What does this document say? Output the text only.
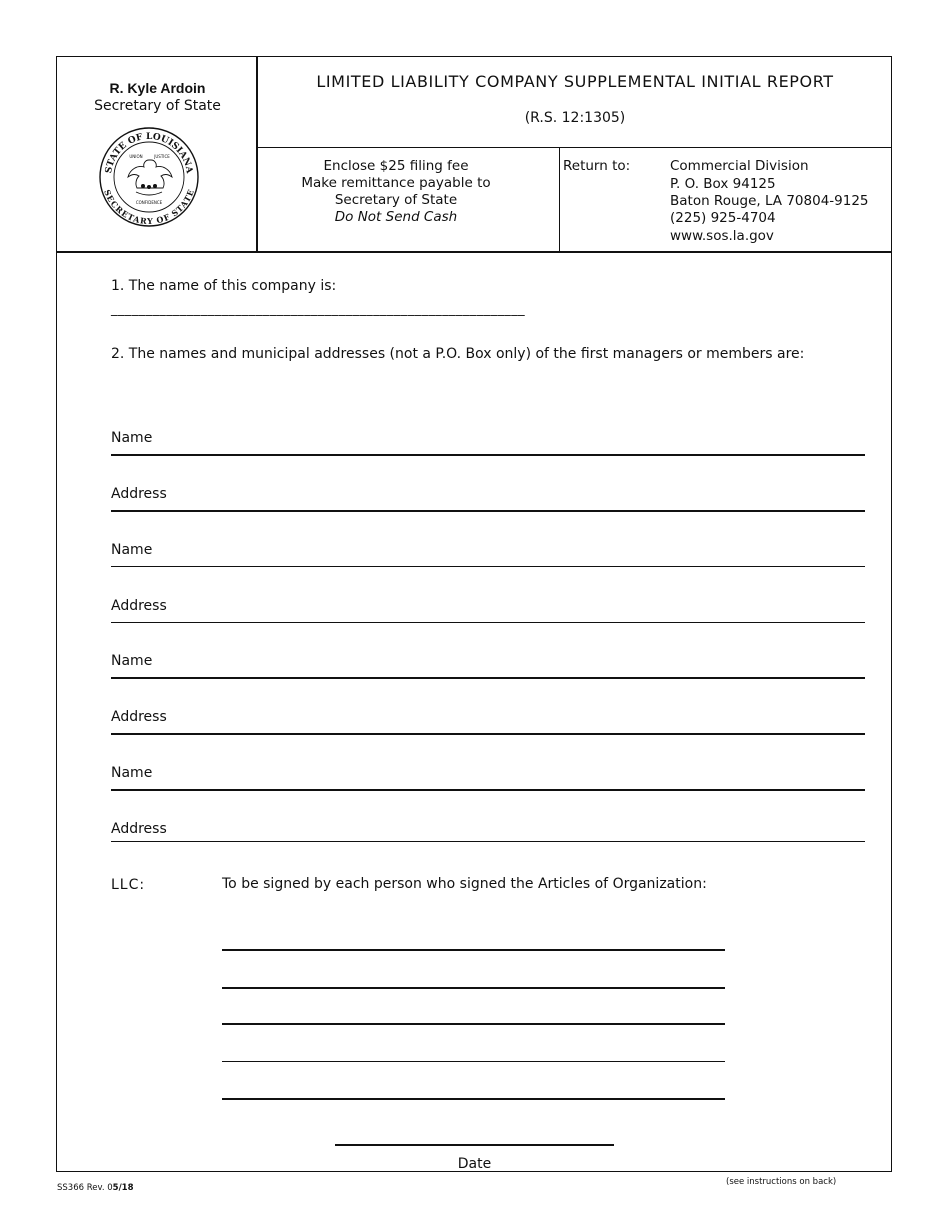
R. Kyle Ardoin
Secretary of State
STATE OF LOUISIANA
SECRETARY OF STATE
UNION	JUSTICE
CONFIDENCE
LIMITED LIABILITY COMPANY SUPPLEMENTAL INITIAL REPORT
(R.S. 12:1305)
Enclose $25 filing fee
Make remittance payable to
Secretary of State
Do Not Send Cash
Return to:	Commercial Division
P. O. Box 94125
Baton Rouge, LA 70804-9125
(225) 925-4704
www.sos.la.gov
1. The name of this company is:
____________________________________________________________
2. The names and municipal addresses (not a P.O. Box only) of the first managers or members are:
Name
Address
Name
Address
Name
Address
Name
Address
LLC:	To be signed by each person who signed the Articles of Organization:
Date
SS366 Rev. 05/18
(see instructions on back)
